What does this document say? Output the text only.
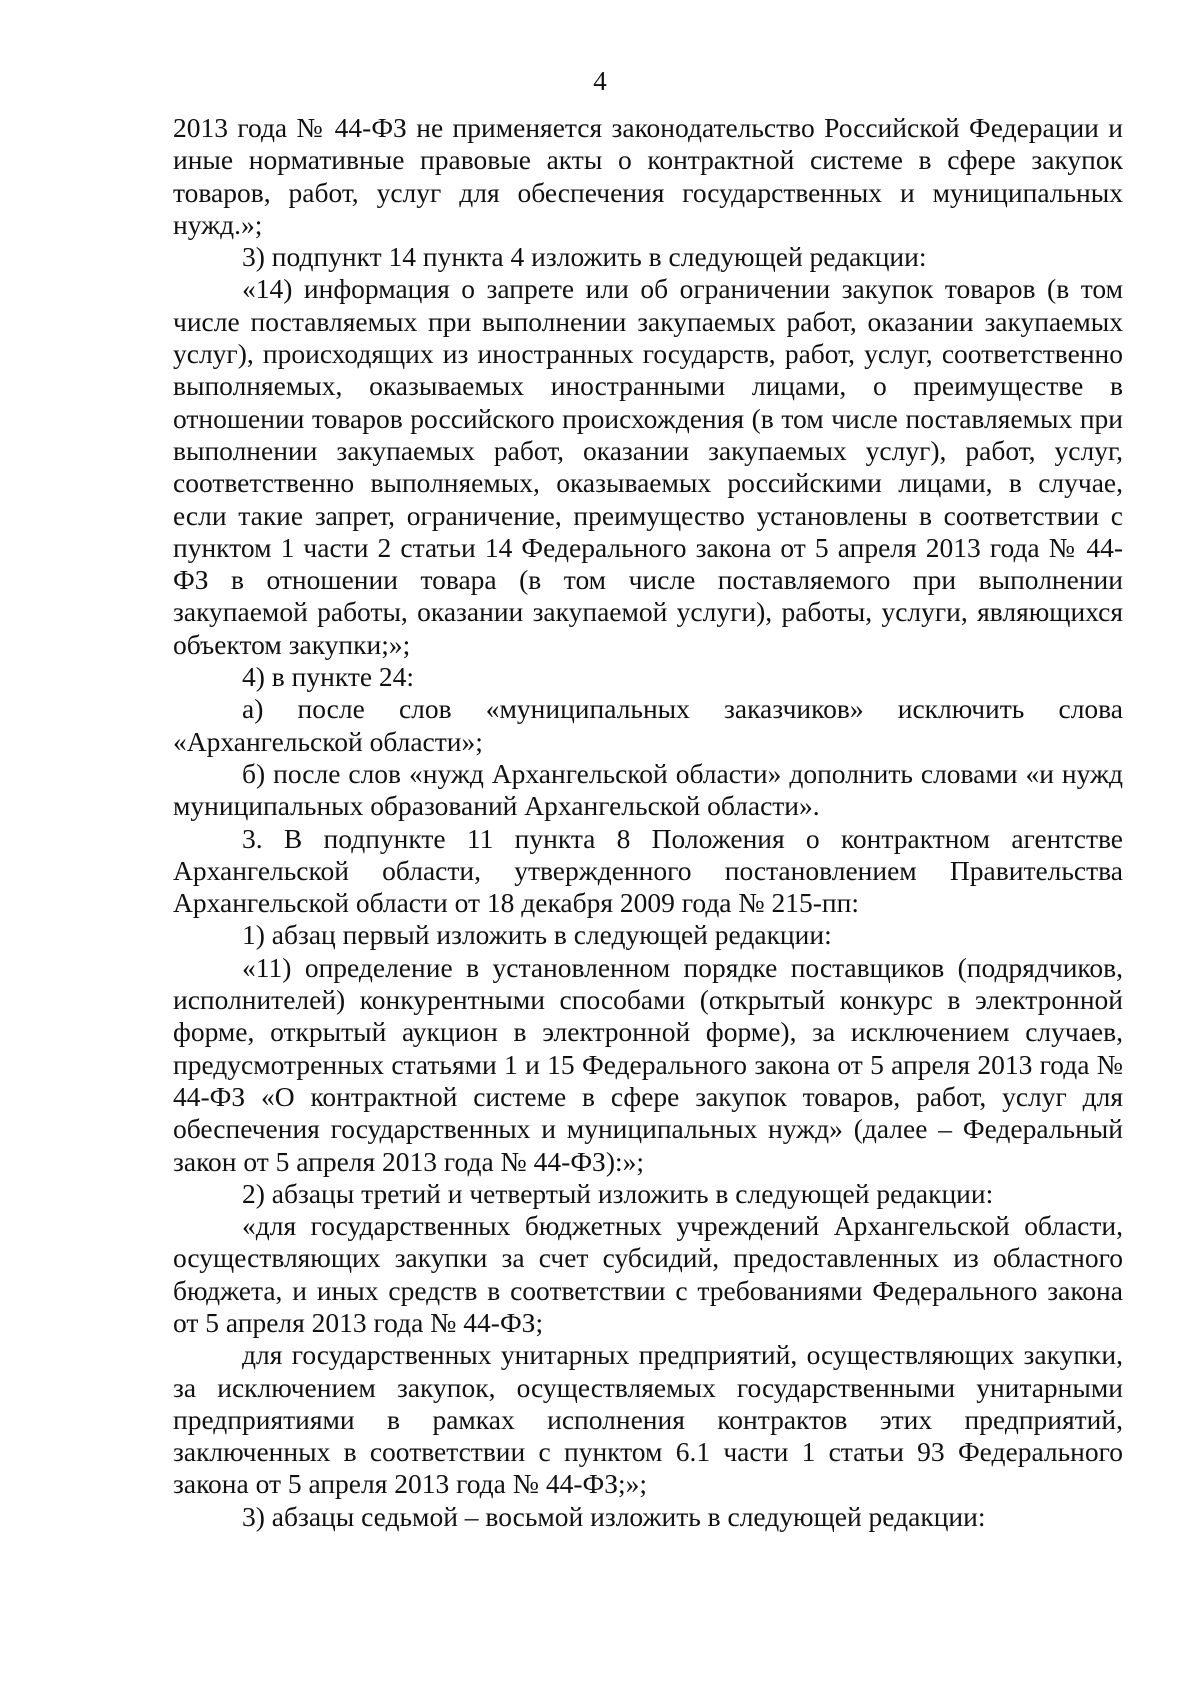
4

2013 года № 44-ФЗ не применяется законодательство Российской Федерации и иные нормативные правовые акты о контрактной системе в сфере закупок товаров, работ, услуг для обеспечения государственных и муниципальных нужд.»;

3) подпункт 14 пункта 4 изложить в следующей редакции:

«14) информация о запрете или об ограничении закупок товаров (в том числе поставляемых при выполнении закупаемых работ, оказании закупаемых услуг), происходящих из иностранных государств, работ, услуг, соответственно выполняемых, оказываемых иностранными лицами, о преимуществе в отношении товаров российского происхождения (в том числе поставляемых при выполнении закупаемых работ, оказании закупаемых услуг), работ, услуг, соответственно выполняемых, оказываемых российскими лицами, в случае, если такие запрет, ограничение, преимущество установлены в соответствии с пунктом 1 части 2 статьи 14 Федерального закона от 5 апреля 2013 года № 44-ФЗ в отношении товара (в том числе поставляемого при выполнении закупаемой работы, оказании закупаемой услуги), работы, услуги, являющихся объектом закупки;»;

4) в пункте 24:

а) после слов «муниципальных заказчиков» исключить слова «Архангельской области»;

б) после слов «нужд Архангельской области» дополнить словами «и нужд муниципальных образований Архангельской области».

3. В подпункте 11 пункта 8 Положения о контрактном агентстве Архангельской области, утвержденного постановлением Правительства Архангельской области от 18 декабря 2009 года № 215-пп:

1) абзац первый изложить в следующей редакции:

«11) определение в установленном порядке поставщиков (подрядчиков, исполнителей) конкурентными способами (открытый конкурс в электронной форме, открытый аукцион в электронной форме), за исключением случаев, предусмотренных статьями 1 и 15 Федерального закона от 5 апреля 2013 года № 44-ФЗ «О контрактной системе в сфере закупок товаров, работ, услуг для обеспечения государственных и муниципальных нужд» (далее – Федеральный закон от 5 апреля 2013 года № 44-ФЗ):»;

2) абзацы третий и четвертый изложить в следующей редакции:

«для государственных бюджетных учреждений Архангельской области, осуществляющих закупки за счет субсидий, предоставленных из областного бюджета, и иных средств в соответствии с требованиями Федерального закона от 5 апреля 2013 года № 44-ФЗ;

для государственных унитарных предприятий, осуществляющих закупки, за исключением закупок, осуществляемых государственными унитарными предприятиями в рамках исполнения контрактов этих предприятий, заключенных в соответствии с пунктом 6.1 части 1 статьи 93 Федерального закона от 5 апреля 2013 года № 44-ФЗ;»;

3) абзацы седьмой – восьмой изложить в следующей редакции:
